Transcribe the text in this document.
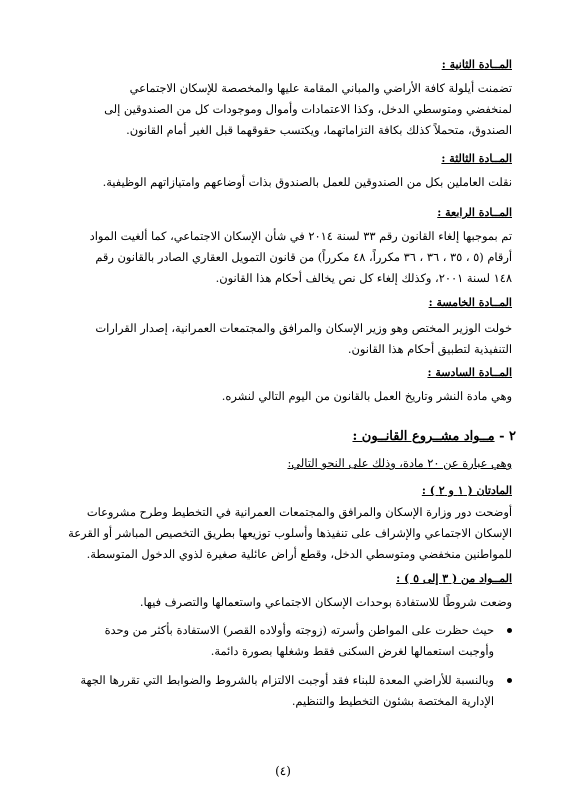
المــادة الثانية :
تضمنت أيلولة كافة الأراضي والمباني المقامة عليها والمخصصة للإسكان الاجتماعي
لمنخفضي ومتوسطي الدخل، وكذا الاعتمادات وأموال وموجودات كل من الصندوقين إلى
الصندوق، متحملاً كذلك بكافة التزاماتهما، ويكتسب حقوقهما قبل الغير أمام القانون.
المــادة الثالثة :
نقلت العاملين بكل من الصندوقين للعمل بالصندوق بذات أوضاعهم وامتيازاتهم الوظيفية.
المــادة الرابعة :
تم بموجبها إلغاء القانون رقم ٣٣ لسنة ٢٠١٤ في شأن الإسكان الاجتماعي، كما ألغيت المواد
أرقام (٥ ، ٣٥ ، ٣٦ ، ٣٦ مكرراً، ٤٨ مكرراً) من قانون التمويل العقاري الصادر بالقانون رقم
١٤٨ لسنة ٢٠٠١، وكذلك إلغاء كل نص يخالف أحكام هذا القانون.
المــادة الخامسة :
خولت الوزير المختص وهو وزير الإسكان والمرافق والمجتمعات العمرانية، إصدار القرارات
التنفيذية لتطبيق أحكام هذا القانون.
المــادة السادسة :
وهي مادة النشر وتاريخ العمل بالقانون من اليوم التالي لنشره.
٢ - مــواد مشــروع القانــون :
وهي عبارة عن ٢٠ مادة، وذلك على النحو التالي:
المادتان ( ١ و ٢ ) :
أوضحت دور وزارة الإسكان والمرافق والمجتمعات العمرانية في التخطيط وطرح مشروعات
الإسكان الاجتماعي والإشراف على تنفيذها وأسلوب توزيعها بطريق التخصيص المباشر أو القرعة
للمواطنين منخفضي ومتوسطي الدخل، وقطع أراض عائلية صغيرة لذوي الدخول المتوسطة.
المــواد من ( ٣ إلى ٥ ) :
وضعت شروطًا للاستفادة بوحدات الإسكان الاجتماعي واستعمالها والتصرف فيها.
حيث حظرت على المواطن وأسرته (زوجته وأولاده القصر) الاستفادة بأكثر من وحدة
وأوجبت استعمالها لغرض السكنى فقط وشغلها بصورة دائمة.
وبالنسبة للأراضي المعدة للبناء فقد أوجبت الالتزام بالشروط والضوابط التي تقررها الجهة
الإدارية المختصة بشئون التخطيط والتنظيم.
(٤)
